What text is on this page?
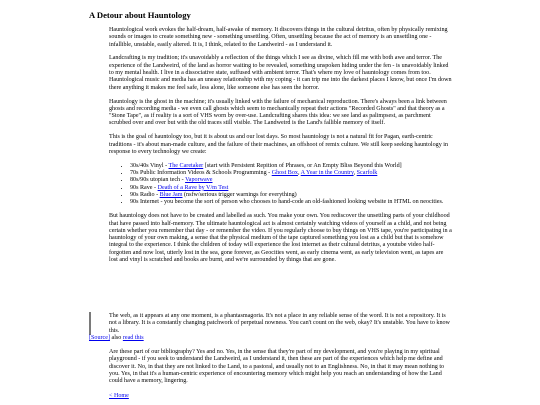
A Detour about Hauntology

Hauntological work evokes the half-dream, half-awake of memory. It discovers things in the cultural detritus, often by physically remixing sounds or images to create something new - something unsettling. Often, unsettling because the act of memory is an unsettling one - infallible, unstable, easily altered. It is, I think, related to the Landweird - as I understand it.

Landcrafting is my tradition; it's unavoidably a reflection of the things which I see as divine, which fill me with both awe and terror. The experience of the Landweird, of the land as horror waiting to be revealed, something unspoken hiding under the fen - is unavoidably linked to my mental health. I live in a dissociative state, suffused with ambient terror. That's where my love of hauntology comes from too. Hauntological music and media has an uneasy relationship with my coping - it can trip me into the darkest places I know, but once I'm down there anything it makes me feel safe, less alone, like someone else has seen the horror.

Hauntology is the ghost in the machine; it's usually linked with the failure of mechanical reproduction. There's always been a link between ghosts and recording media - we even call ghosts which seem to mechanically repeat their actions "Recorded Ghosts" and that theory as a "Stone Tape", as if reality is a sort of VHS worn by over-use. Landcrafting shares this idea: we see land as palimpsest, as parchment scrubbed over and over but with the old traces still visible. The Landweird is the Land's fallible memory of itself.

This is the goal of hauntology too, but it is about us and our lost days. So most hauntology is not a natural fit for Pagan, earth-centric traditions - it's about man-made culture, and the failure of their machines, an offshoot of remix culture. We still keep seeking hauntology in response to every technology we create:

• 30s/40s Vinyl - The Caretaker [start with Persistent Repition of Phrases, or An Empty Bliss Beyond this World]
• 70s Public Information Videos & Schools Programming - Ghost Box, A Year in the Country, Scarfolk
• 80s/90s utopian tech - Vaporwave
• 90s Rave - Death of a Rave by V/m Test
• 90s Radio - Blue Jam (nsfw/serious trigger warnings for everything)
• 90s Internet - you become the sort of person who chooses to hand-code an old-fashioned looking website in HTML on neocities.

But hauntology does not have to be created and labelled as such. You make your own. You rediscover the unsettling parts of your childhood that have passed into half-memory. The ultimate hauntological act is almost certainly watching videos of yourself as a child, and not being certain whether you remember that day - or remember the video. If you regularly choose to buy things on VHS tape, you're participating in a hauntology of your own making, a sense that the physical medium of the tape captured something you lost as a child but that is somehow integral to the experience. I think the children of today will experience the lost internet as their cultural detritus, a youtube video half-forgotten and now lost, utterly lost in the sea, gone forever, as Geocities went, as early cinema went, as early television went, as tapes are lost and vinyl is scratched and books are burnt, and we're surrounded by things that are gone.

The web, as it appears at any one moment, is a phantasmagoria. It's not a place in any reliable sense of the word. It is not a repository. It is not a library. It is a constantly changing patchwork of perpetual nowness. You can't count on the web, okay? It's unstable. You have to know this.
[Source] also read this

Are these part of our bibliography? Yes and no. Yes, in the sense that they're part of my development, and you're playing in my spiritual playground - if you seek to understand the Landweird, as I understand it, then these are part of the experiences which help me define and discover it. No, in that they are not linked to the Land, to a pastoral, and usually not to an Englishness. No, in that it may mean nothing to you. Yes, in that it's a human-centric experience of encountering memory which might help you reach an understanding of how the Land could have a memory, lingering.

< Home
